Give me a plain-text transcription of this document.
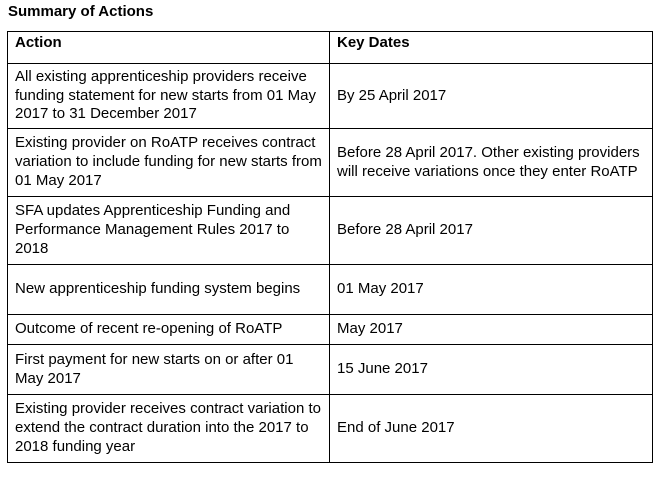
Summary of Actions
Action	Key Dates
All existing apprenticeship providers receive funding statement for new starts from 01 May 2017 to 31 December 2017	By 25 April 2017
Existing provider on RoATP receives contract variation to include funding for new starts from 01 May 2017	Before 28 April 2017. Other existing providers will receive variations once they enter RoATP
SFA updates Apprenticeship Funding and Performance Management Rules 2017 to 2018	Before 28 April 2017
New apprenticeship funding system begins	01 May 2017
Outcome of recent re-opening of RoATP	May 2017
First payment for new starts on or after 01 May 2017	15 June 2017
Existing provider receives contract variation to extend the contract duration into the 2017 to 2018 funding year	End of June 2017
